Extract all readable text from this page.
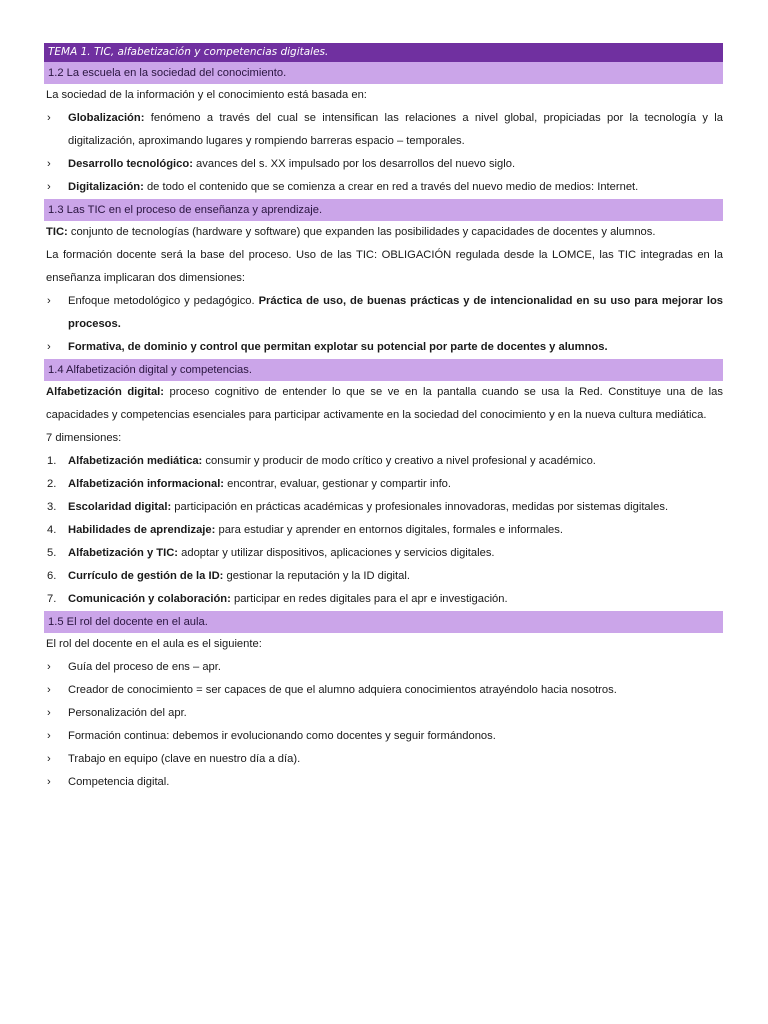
TEMA 1. TIC, alfabetización y competencias digitales.
1.2 La escuela en la sociedad del conocimiento.
La sociedad de la información y el conocimiento está basada en:
›	Globalización: fenómeno a través del cual se intensifican las relaciones a nivel global, propiciadas por la tecnología y la digitalización, aproximando lugares y rompiendo barreras espacio – temporales.
›	Desarrollo tecnológico: avances del s. XX impulsado por los desarrollos del nuevo siglo.
›	Digitalización: de todo el contenido que se comienza a crear en red a través del nuevo medio de medios: Internet.
1.3 Las TIC en el proceso de enseñanza y aprendizaje.
TIC: conjunto de tecnologías (hardware y software) que expanden las posibilidades y capacidades de docentes y alumnos.
La formación docente será la base del proceso. Uso de las TIC: OBLIGACIÓN regulada desde la LOMCE, las TIC integradas en la enseñanza implicaran dos dimensiones:
›	Enfoque metodológico y pedagógico. Práctica de uso, de buenas prácticas y de intencionalidad en su uso para mejorar los procesos.
›	Formativa, de dominio y control que permitan explotar su potencial por parte de docentes y alumnos.
1.4 Alfabetización digital y competencias.
Alfabetización digital: proceso cognitivo de entender lo que se ve en la pantalla cuando se usa la Red. Constituye una de las capacidades y competencias esenciales para participar activamente en la sociedad del conocimiento y en la nueva cultura mediática.
7 dimensiones:
1.	Alfabetización mediática: consumir y producir de modo crítico y creativo a nivel profesional y académico.
2.	Alfabetización informacional: encontrar, evaluar, gestionar y compartir info.
3.	Escolaridad digital: participación en prácticas académicas y profesionales innovadoras, medidas por sistemas digitales.
4.	Habilidades de aprendizaje: para estudiar y aprender en entornos digitales, formales e informales.
5.	Alfabetización y TIC: adoptar y utilizar dispositivos, aplicaciones y servicios digitales.
6.	Currículo de gestión de la ID: gestionar la reputación y la ID digital.
7.	Comunicación y colaboración: participar en redes digitales para el apr e investigación.
1.5 El rol del docente en el aula.
El rol del docente en el aula es el siguiente:
›	Guía del proceso de ens – apr.
›	Creador de conocimiento = ser capaces de que el alumno adquiera conocimientos atrayéndolo hacia nosotros.
›	Personalización del apr.
›	Formación continua: debemos ir evolucionando como docentes y seguir formándonos.
›	Trabajo en equipo (clave en nuestro día a día).
›	Competencia digital.
